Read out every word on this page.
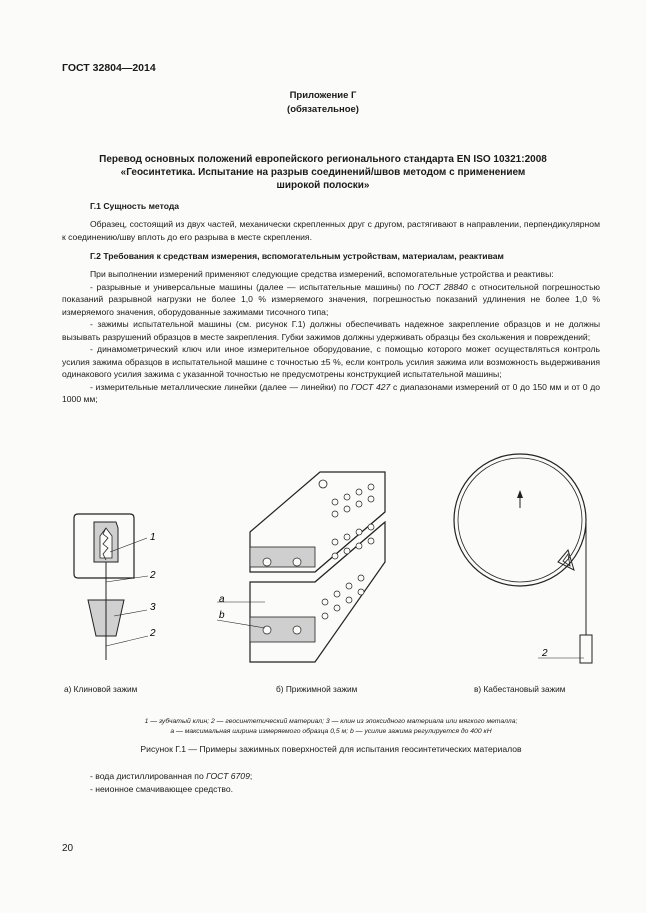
ГОСТ 32804—2014
Приложение Г
(обязательное)
Перевод основных положений европейского регионального стандарта EN ISO 10321:2008
«Геосинтетика. Испытание на разрыв соединений/швов методом с применением
широкой полоски»
Г.1 Сущность метода

Образец, состоящий из двух частей, механически скрепленных друг с другом, растягивают в направлении, перпендикулярном к соединению/шву вплоть до его разрыва в месте скрепления.

Г.2 Требования к средствам измерения, вспомогательным устройствам, материалам, реактивам

При выполнении измерений применяют следующие средства измерений, вспомогательные устройства и реактивы:

- разрывные и универсальные машины (далее — испытательные машины) по ГОСТ 28840 с относительной погрешностью показаний разрывной нагрузки не более 1,0 % измеряемого значения, погрешностью показаний удлинения не более 1,0 % измеряемого значения, оборудованные зажимами тисочного типа;

- зажимы испытательной машины (см. рисунок Г.1) должны обеспечивать надежное закрепление образцов и не должны вызывать разрушений образцов в месте закрепления. Губки зажимов должны удерживать образцы без скольжения и повреждений;

- динамометрический ключ или иное измерительное оборудование, с помощью которого может осуществляться контроль усилия зажима образцов в испытательной машине с точностью ±5 %, если контроль усилия зажима или возможность выдерживания одинакового усилия зажима с указанной точностью не предусмотрены конструкцией испытательной машины;

- измерительные металлические линейки (далее — линейки) по ГОСТ 427 с диапазонами измерений от 0 до 150 мм и от 0 до 1000 мм;

1
2
3
2
a
b
2
а) Клиновой зажим	б) Прижимной зажим	в) Кабестановый зажим
1 — зубчатый клин; 2 — геосинтетический материал; 3 — клин из эпоксидного материала или мягкого металла;
a — максимальная ширина измеряемого образца 0,5 м; b — усилие зажима регулируется до 400 кН
Рисунок Г.1 — Примеры зажимных поверхностей для испытания геосинтетических материалов
- вода дистиллированная по ГОСТ 6709;
- неионное смачивающее средство.
20
